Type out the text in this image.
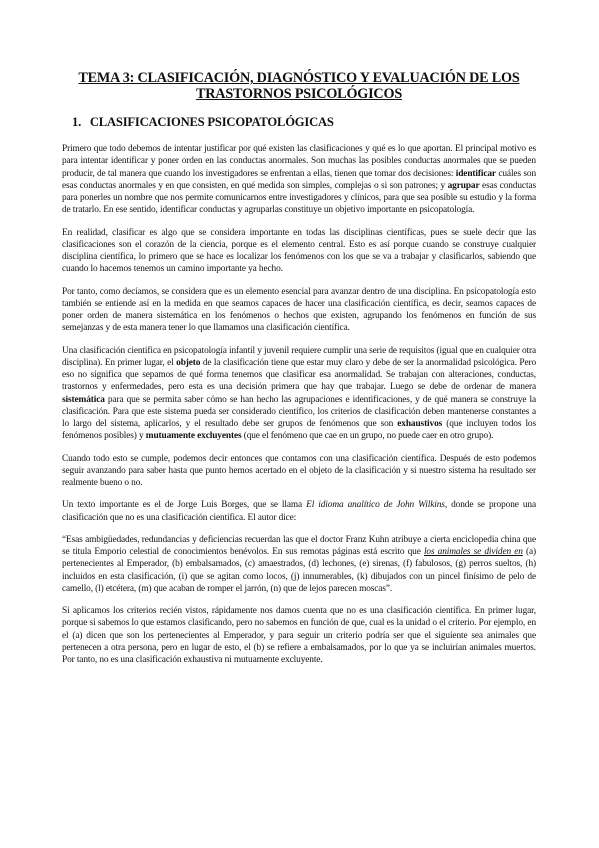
TEMA 3: CLASIFICACIÓN, DIAGNÓSTICO Y EVALUACIÓN DE LOS
TRASTORNOS PSICOLÓGICOS
1. CLASIFICACIONES PSICOPATOLÓGICAS

Primero que todo debemos de intentar justificar por qué existen las clasificaciones y qué es lo que aportan. El principal motivo es para intentar identificar y poner orden en las conductas anormales. Son muchas las posibles conductas anormales que se pueden producir, de tal manera que cuando los investigadores se enfrentan a ellas, tienen que tomar dos decisiones: identificar cuáles son esas conductas anormales y en que consisten, en qué medida son simples, complejas o si son patrones; y agrupar esas conductas para ponerles un nombre que nos permite comunicarnos entre investigadores y clínicos, para que sea posible su estudio y la forma de tratarlo. En ese sentido, identificar conductas y agruparlas constituye un objetivo importante en psicopatología.

En realidad, clasificar es algo que se considera importante en todas las disciplinas científicas, pues se suele decir que las clasificaciones son el corazón de la ciencia, porque es el elemento central. Esto es así porque cuando se construye cualquier disciplina científica, lo primero que se hace es localizar los fenómenos con los que se va a trabajar y clasificarlos, sabiendo que cuando lo hacemos tenemos un camino importante ya hecho.

Por tanto, como decíamos, se considera que es un elemento esencial para avanzar dentro de una disciplina. En psicopatología esto también se entiende así en la medida en que seamos capaces de hacer una clasificación científica, es decir, seamos capaces de poner orden de manera sistemática en los fenómenos o hechos que existen, agrupando los fenómenos en función de sus semejanzas y de esta manera tener lo que llamamos una clasificación científica.

Una clasificación científica en psicopatología infantil y juvenil requiere cumplir una serie de requisitos (igual que en cualquier otra disciplina). En primer lugar, el objeto de la clasificación tiene que estar muy claro y debe de ser la anormalidad psicológica. Pero eso no significa que sepamos de qué forma tenemos que clasificar esa anormalidad. Se trabajan con alteraciones, conductas, trastornos y enfermedades, pero esta es una decisión primera que hay que trabajar. Luego se debe de ordenar de manera sistemática para que se permita saber cómo se han hecho las agrupaciones e identificaciones, y de qué manera se construye la clasificación. Para que este sistema pueda ser considerado científico, los criterios de clasificación deben mantenerse constantes a lo largo del sistema, aplicarlos, y el resultado debe ser grupos de fenómenos que son exhaustivos (que incluyen todos los fenómenos posibles) y mutuamente excluyentes (que el fenómeno que cae en un grupo, no puede caer en otro grupo).

Cuando todo esto se cumple, podemos decir entonces que contamos con una clasificación científica. Después de esto podemos seguir avanzando para saber hasta que punto hemos acertado en el objeto de la clasificación y si nuestro sistema ha resultado ser realmente bueno o no.

Un texto importante es el de Jorge Luis Borges, que se llama El idioma analítico de John Wilkins, donde se propone una clasificación que no es una clasificación científica. El autor dice:

“Esas ambigüedades, redundancias y deficiencias recuerdan las que el doctor Franz Kuhn atribuye a cierta enciclopedia china que se titula Emporio celestial de conocimientos benévolos. En sus remotas páginas está escrito que los animales se dividen en (a) pertenecientes al Emperador, (b) embalsamados, (c) amaestrados, (d) lechones, (e) sirenas, (f) fabulosos, (g) perros sueltos, (h) incluidos en esta clasificación, (i) que se agitan como locos, (j) innumerables, (k) dibujados con un pincel finísimo de pelo de camello, (l) etcétera, (m) que acaban de romper el jarrón, (n) que de lejos parecen moscas”.

Si aplicamos los criterios recién vistos, rápidamente nos damos cuenta que no es una clasificación científica. En primer lugar, porque si sabemos lo que estamos clasificando, pero no sabemos en función de que, cual es la unidad o el criterio. Por ejemplo, en el (a) dicen que son los pertenecientes al Emperador, y para seguir un criterio podría ser que el siguiente sea animales que pertenecen a otra persona, pero en lugar de esto, el (b) se refiere a embalsamados, por lo que ya se incluirían animales muertos. Por tanto, no es una clasificación exhaustiva ni mutuamente excluyente.
